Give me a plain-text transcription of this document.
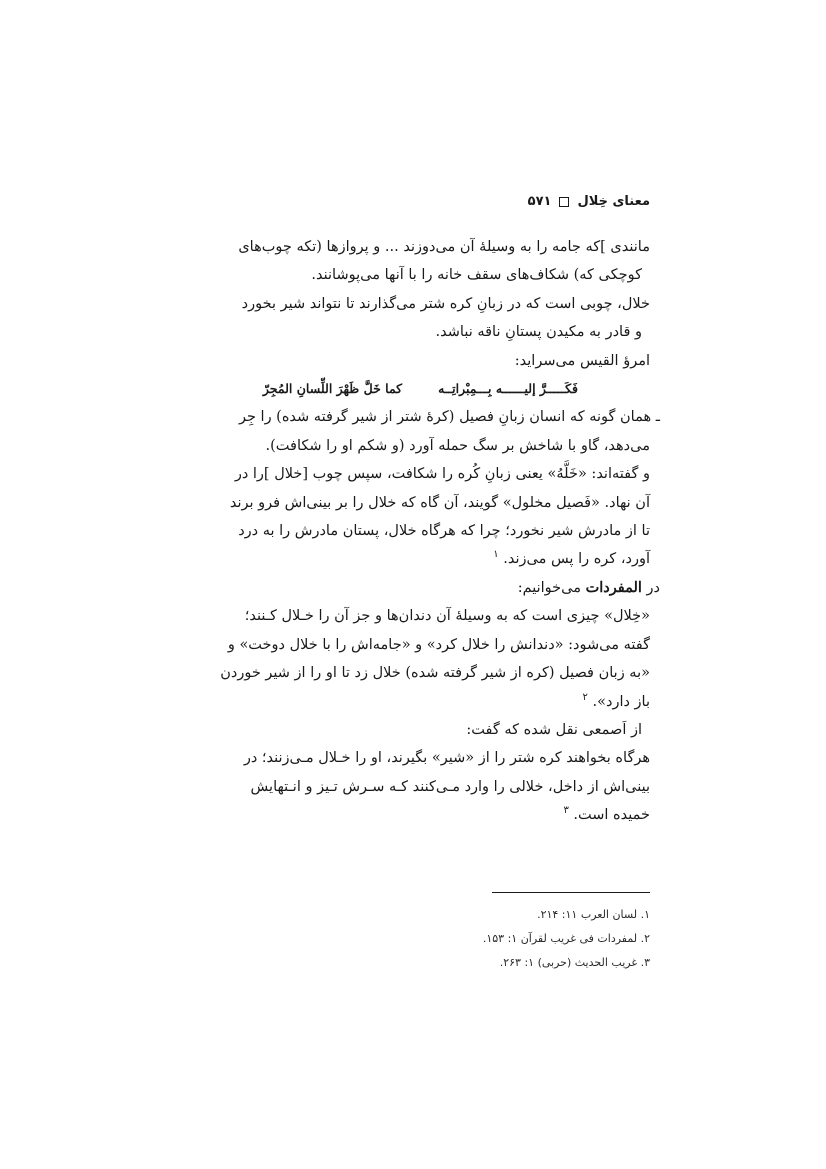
معنای خِلال
۵۷۱

مانندی ]که جامه را به وسیلۀ آن می‌دوزند ... و پروازها (تکه چوب‌های

کوچکی که) شکاف‌های سقف خانه را با آنها می‌پوشانند.

خلال، چوبی است که در زبانِ کره شتر می‌گذارند تا نتواند شیر بخورد

و قادر به مکیدن پستانِ ناقه نباشد.

امرؤ القیس می‌سراید:

فَكَـــــرَّ إليــــــه بِـــمِبْراتِــه
كما خَلَّ ظَهْرَ اللِّسانِ المُجِرّ

ـ همان گونه که انسان زبانِ فصیل (کرۀ شتر از شیر گرفته شده) را جِر

می‌دهد، گاو با شاخش بر سگ حمله آورد (و شکم او را شکافت).

و گفته‌اند: «خَلَّهُ» یعنی زبانِ کُره را شکافت، سپس چوب [خلال ]را در

آن نهاد. «فَصیل مخلول» گویند، آن گاه که خلال را بر بینی‌اش فرو برند

تا از مادرش شیر نخورد؛ چرا که هرگاه خلال، پستان مادرش را به درد

آورد، کره را پس می‌زند. $^۱$

در المفردات می‌خوانیم:

«خِلال» چیزی است که به وسیلۀ آن دندان‌ها و جز آن را خـلال کـنند؛

گفته می‌شود: «دندانش را خلال کرد» و «جامه‌اش را با خلال دوخت» و

«به زبان فصیل (کره از شیر گرفته شده) خلال زد تا او را از شیر خوردن

باز دارد». $^۲$

از اَصمعی نقل شده که گفت:

هرگاه بخواهند کره شتر را از «شیر» بگیرند، او را خـلال مـی‌زنند؛ در

بینی‌اش از داخل، خلالی را وارد مـی‌کنند کـه سـرش تـیز و انـتهایش

خمیده است. $^۳$

۱. لسان العرب ۱۱: ۲۱۴.
۲. لمفردات فی غریب لقرآن ۱: ۱۵۳.
۳. غریب الحدیث (حربی) ۱: ۲۶۳.
